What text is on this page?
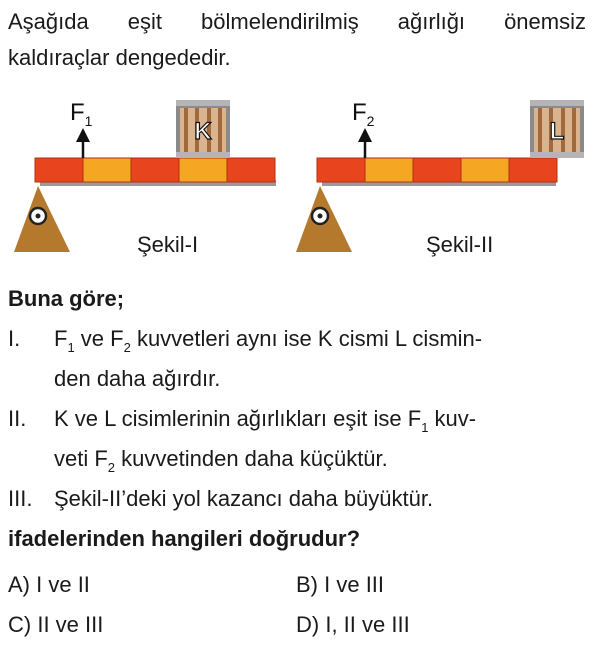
Aşağıda eşit bölmelendirilmiş ağırlığı önemsiz
kaldıraçlar dengededir.
$F_1$	$F_2$
K	L
Şekil-I	Şekil-II
Buna göre;
I. $F_1$ ve $F_2$ kuvvetleri aynı ise K cismi L cismin-
den daha ağırdır.
II. K ve L cisimlerinin ağırlıkları eşit ise $F_1$ kuv-
veti $F_2$ kuvvetinden daha küçüktür.
III. Şekil-II’deki yol kazancı daha büyüktür.
ifadelerinden hangileri doğrudur?
A) I ve II	B) I ve III
C) II ve III	D) I, II ve III
